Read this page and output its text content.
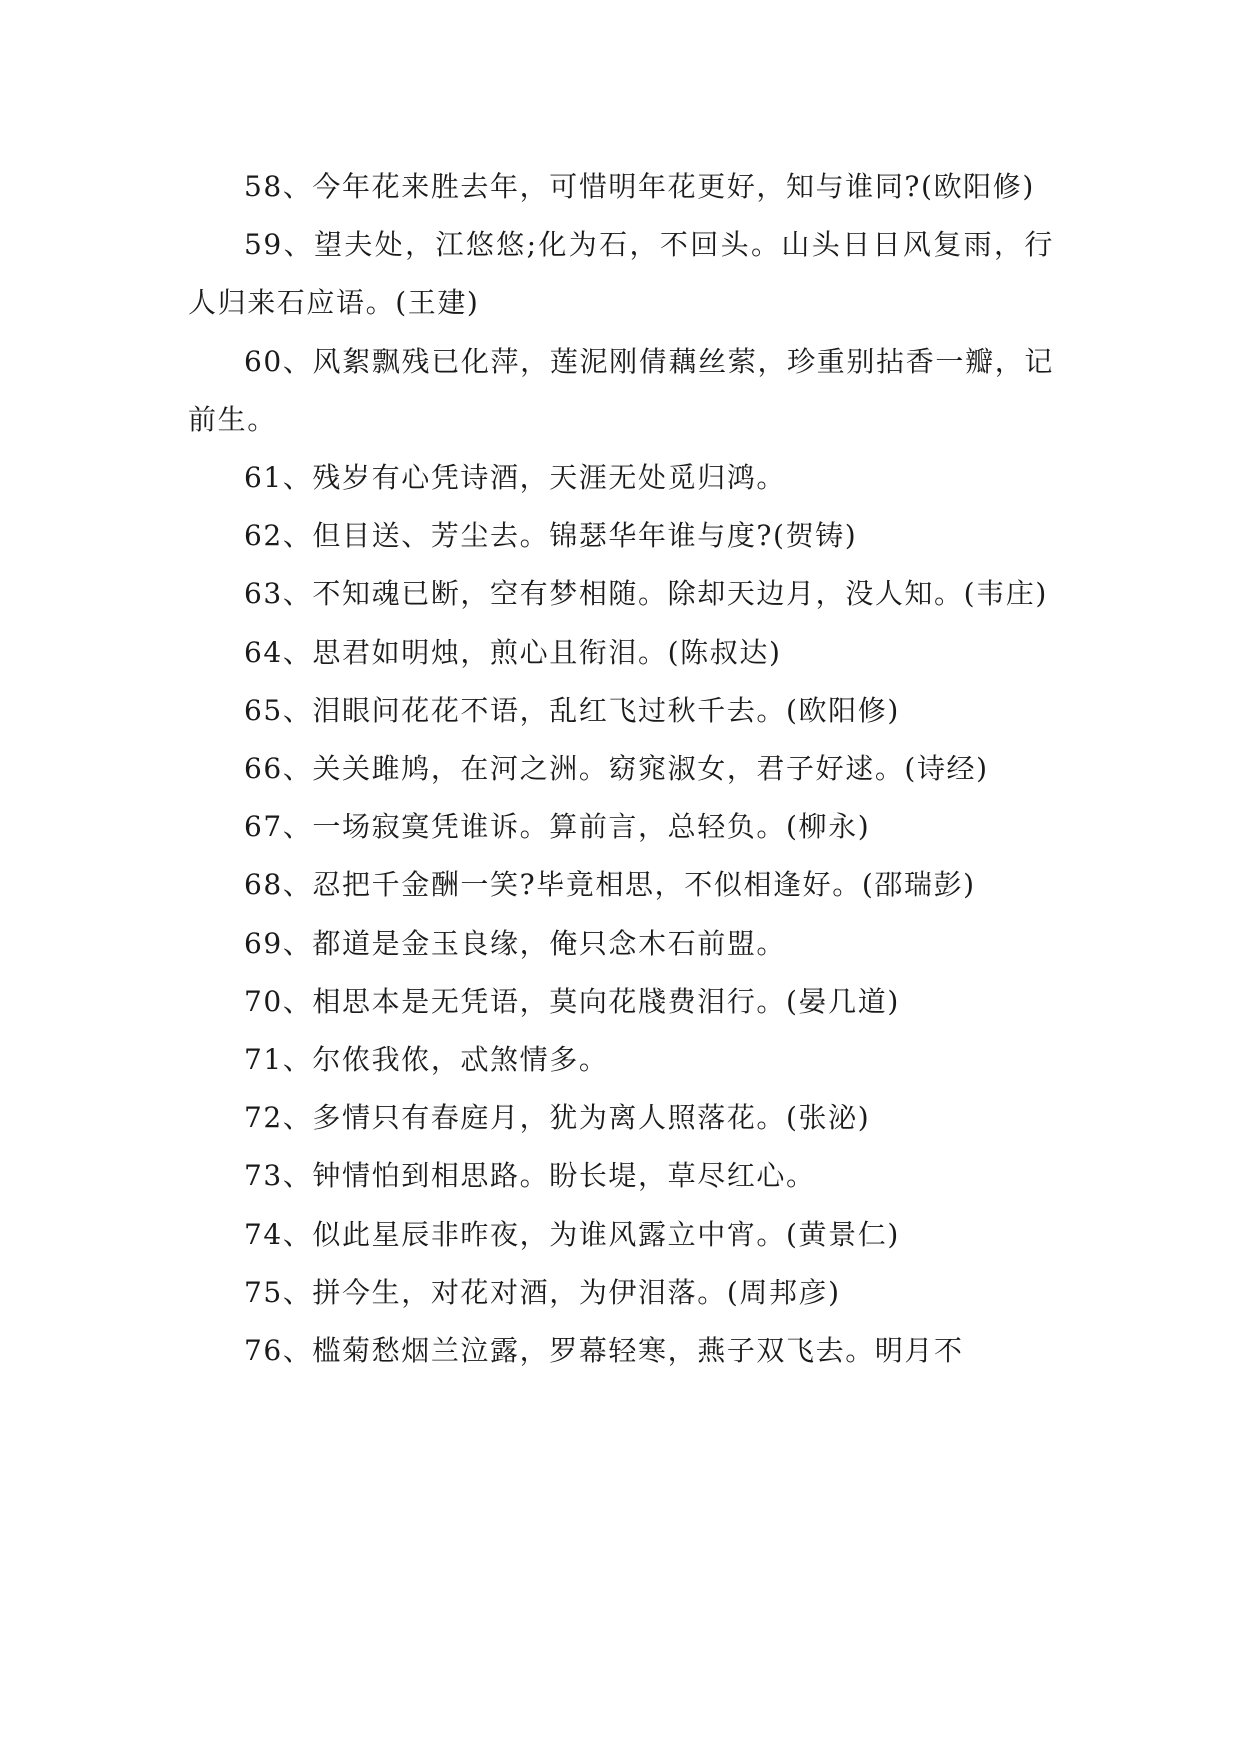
58、今年花来胜去年，可惜明年花更好，知与谁同?(欧阳修)

59、望夫处，江悠悠;化为石，不回头。山头日日风复雨，行人归来石应语。(王建)

60、风絮飘残已化萍，莲泥刚倩藕丝萦，珍重别拈香一瓣，记前生。

61、残岁有心凭诗酒，天涯无处觅归鸿。

62、但目送、芳尘去。锦瑟华年谁与度?(贺铸)

63、不知魂已断，空有梦相随。除却天边月，没人知。(韦庄)

64、思君如明烛，煎心且衔泪。(陈叔达)

65、泪眼问花花不语，乱红飞过秋千去。(欧阳修)

66、关关雎鸠，在河之洲。窈窕淑女，君子好逑。(诗经)

67、一场寂寞凭谁诉。算前言，总轻负。(柳永)

68、忍把千金酬一笑?毕竟相思，不似相逢好。(邵瑞彭)

69、都道是金玉良缘，俺只念木石前盟。

70、相思本是无凭语，莫向花牋费泪行。(晏几道)

71、尔侬我侬，忒煞情多。

72、多情只有春庭月，犹为离人照落花。(张泌)

73、钟情怕到相思路。盼长堤，草尽红心。

74、似此星辰非昨夜，为谁风露立中宵。(黄景仁)

75、拼今生，对花对酒，为伊泪落。(周邦彦)

76、槛菊愁烟兰泣露，罗幕轻寒，燕子双飞去。明月不
